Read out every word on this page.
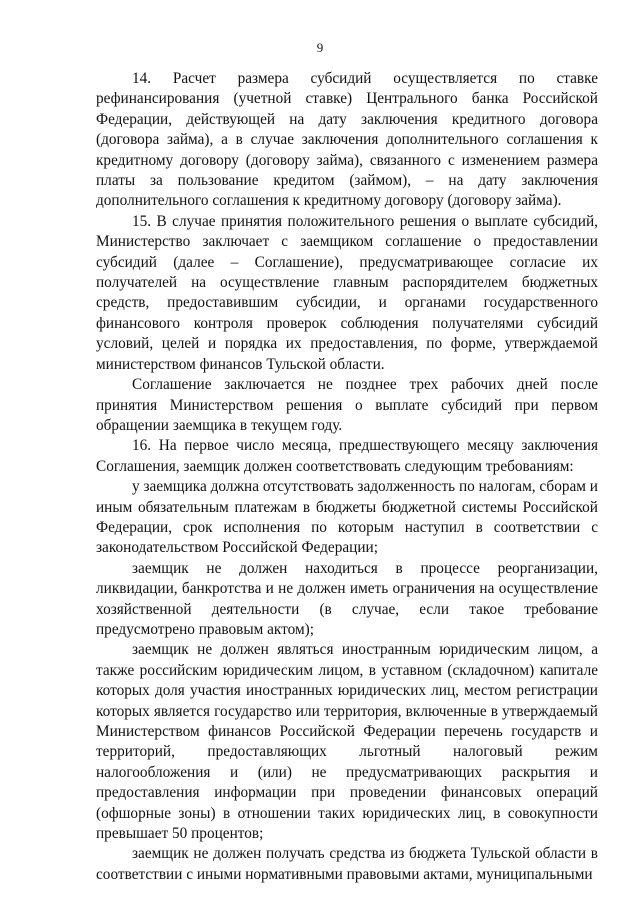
9

14. Расчет размера субсидий осуществляется по ставке рефинансирования (учетной ставке) Центрального банка Российской Федерации, действующей на дату заключения кредитного договора (договора займа), а в случае заключения дополнительного соглашения к кредитному договору (договору займа), связанного с изменением размера платы за пользование кредитом (займом), – на дату заключения дополнительного соглашения к кредитному договору (договору займа).

15. В случае принятия положительного решения о выплате субсидий, Министерство заключает с заемщиком соглашение о предоставлении субсидий (далее – Соглашение), предусматривающее согласие их получателей на осуществление главным распорядителем бюджетных средств, предоставившим субсидии, и органами государственного финансового контроля проверок соблюдения получателями субсидий условий, целей и порядка их предоставления, по форме, утверждаемой министерством финансов Тульской области.

Соглашение заключается не позднее трех рабочих дней после принятия Министерством решения о выплате субсидий при первом обращении заемщика в текущем году.

16. На первое число месяца, предшествующего месяцу заключения Соглашения, заемщик должен соответствовать следующим требованиям:

у заемщика должна отсутствовать задолженность по налогам, сборам и иным обязательным платежам в бюджеты бюджетной системы Российской Федерации, срок исполнения по которым наступил в соответствии с законодательством Российской Федерации;

заемщик не должен находиться в процессе реорганизации, ликвидации, банкротства и не должен иметь ограничения на осуществление хозяйственной деятельности (в случае, если такое требование предусмотрено правовым актом);

заемщик не должен являться иностранным юридическим лицом, а также российским юридическим лицом, в уставном (складочном) капитале которых доля участия иностранных юридических лиц, местом регистрации которых является государство или территория, включенные в утверждаемый Министерством финансов Российской Федерации перечень государств и территорий, предоставляющих льготный налоговый режим налогообложения и (или) не предусматривающих раскрытия и предоставления информации при проведении финансовых операций (офшорные зоны) в отношении таких юридических лиц, в совокупности превышает 50 процентов;

заемщик не должен получать средства из бюджета Тульской области в соответствии с иными нормативными правовыми актами, муниципальными
